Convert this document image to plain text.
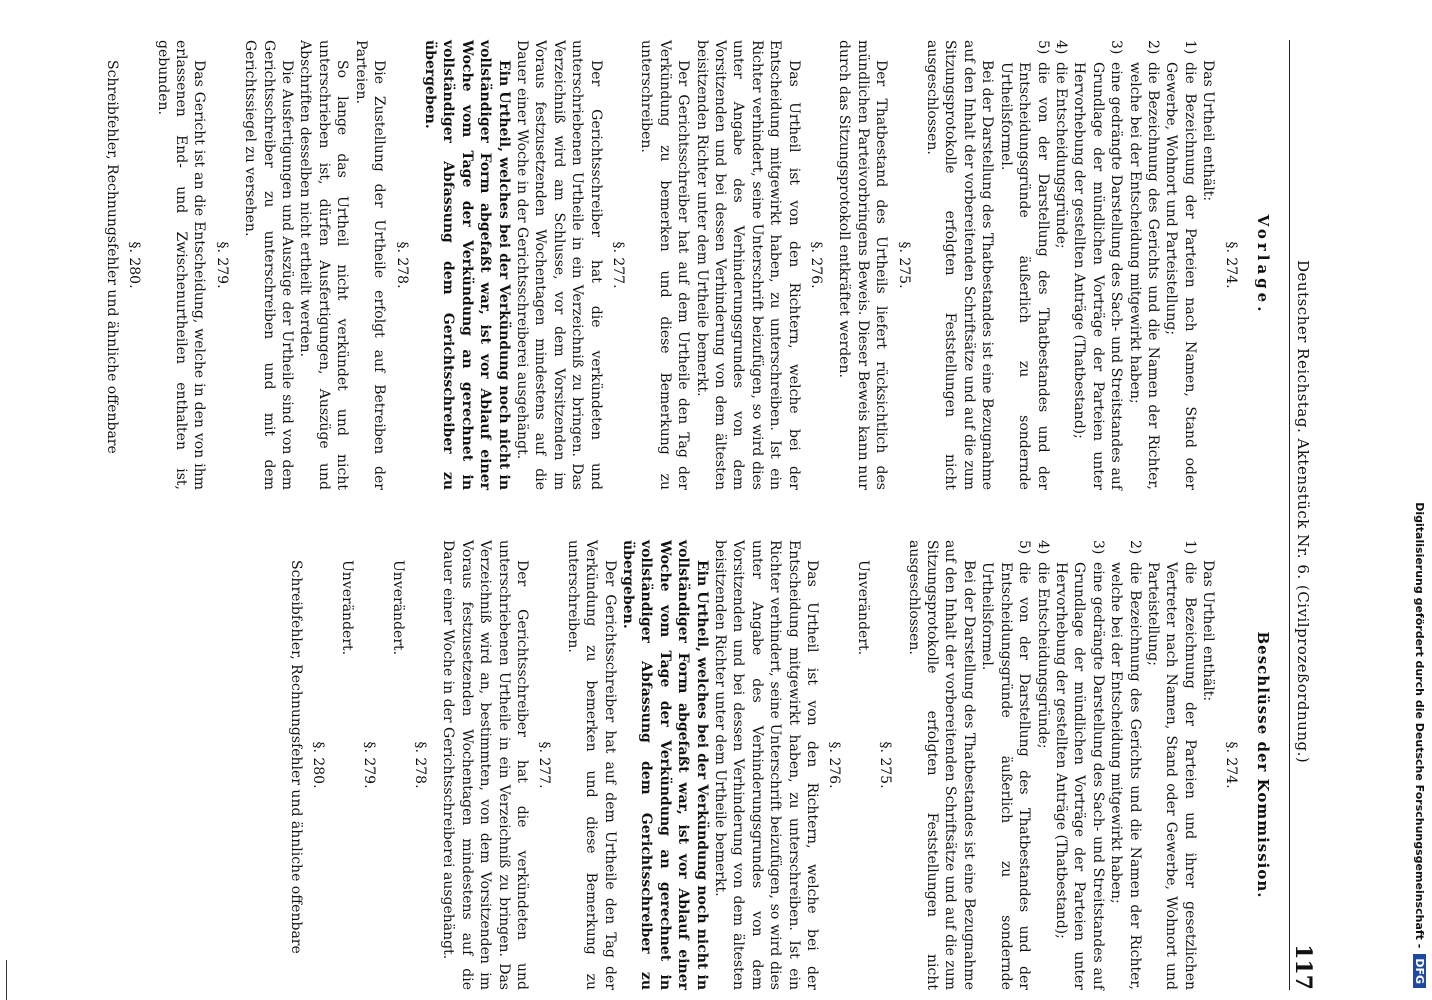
Digitalisierung gefördert durch die Deutsche Forschungsgemeinschaft -DFG
Deutscher Reichstag. Aktenstück Nr. 6. (Civilprozeßordnung.)
117
Vorlage.
§. 274.

Das Urtheil enthält:

1)
die Bezeichnung der Parteien nach Namen, Stand oder Gewerbe, Wohnort und Parteistellung;
2)
die Bezeichnung des Gerichts und die Namen der Richter, welche bei der Entscheidung mitgewirkt haben;
3)
eine gedrängte Darstellung des Sach- und Streitstandes auf Grundlage der mündlichen Vorträge der Parteien unter Hervorhebung der gestellten Anträge (Thatbestand);
4)
die Entscheidungsgründe;
5)
die von der Darstellung des Thatbestandes und der Entscheidungsgründe äußerlich zu sondernde Urtheilsformel.

Bei der Darstellung des Thatbestandes ist eine Bezugnahme auf den Inhalt der vorbereitenden Schriftsätze und auf die zum Sitzungsprotokolle erfolgten Feststellungen nicht ausgeschlossen.

§. 275.

Der Thatbestand des Urtheils liefert rücksichtlich des mündlichen Parteivorbringens Beweis. Dieser Beweis kann nur durch das Sitzungsprotokoll entkräftet werden.

§. 276.

Das Urtheil ist von den Richtern, welche bei der Entscheidung mitgewirkt haben, zu unterschreiben. Ist ein Richter verhindert, seine Unterschrift beizufügen, so wird dies unter Angabe des Verhinderungsgrundes von dem Vorsitzenden und bei dessen Verhinderung von dem ältesten beisitzenden Richter unter dem Urtheile bemerkt.

Der Gerichtsschreiber hat auf dem Urtheile den Tag der Verkündung zu bemerken und diese Bemerkung zu unterschreiben.

§. 277.

Der Gerichtsschreiber hat die verkündeten und unterschriebenen Urtheile in ein Verzeichniß zu bringen. Das Verzeichniß wird am Schlusse, vor dem Vorsitzenden im Voraus festzusetzenden Wochentagen mindestens auf die Dauer einer Woche in der Gerichtsschreiberei ausgehängt.

Ein Urtheil, welches bei der Verkündung noch nicht in vollständiger Form abgefaßt war, ist vor Ablauf einer Woche vom Tage der Verkündung an gerechnet in vollständiger Abfassung dem Gerichtsschreiber zu übergeben.

§. 278.

Die Zustellung der Urtheile erfolgt auf Betreiben der Parteien.

So lange das Urtheil nicht verkündet und nicht unterschrieben ist, dürfen Ausfertigungen, Auszüge und Abschriften desselben nicht ertheilt werden.

Die Ausfertigungen und Auszüge der Urtheile sind von dem Gerichtsschreiber zu unterschreiben und mit dem Gerichtssiegel zu versehen.

§. 279.

Das Gericht ist an die Entscheidung, welche in den von ihm erlassenen End- und Zwischenurtheilen enthalten ist, gebunden.

§. 280.

Schreibfehler, Rechnungsfehler und ähnliche offenbare

Beschlüsse der Kommission.
§. 274.

Das Urtheil enthält:

1)
die Bezeichnung der Parteien und ihrer gesetzlichen Vertreter nach Namen, Stand oder Gewerbe, Wohnort und Parteistellung;
2)
die Bezeichnung des Gerichts und die Namen der Richter, welche bei der Entscheidung mitgewirkt haben;
3)
eine gedrängte Darstellung des Sach- und Streitstandes auf Grundlage der mündlichen Vorträge der Parteien unter Hervorhebung der gestellten Anträge (Thatbestand);
4)
die Entscheidungsgründe;
5)
die von der Darstellung des Thatbestandes und der Entscheidungsgründe äußerlich zu sondernde Urtheilsformel.

Bei der Darstellung des Thatbestandes ist eine Bezugnahme auf den Inhalt der vorbereitenden Schriftsätze und auf die zum Sitzungsprotokolle erfolgten Feststellungen nicht ausgeschlossen.

§. 275.

Unverändert.

§. 276.

Das Urtheil ist von den Richtern, welche bei der Entscheidung mitgewirkt haben, zu unterschreiben. Ist ein Richter verhindert, seine Unterschrift beizufügen, so wird dies unter Angabe des Verhinderungsgrundes von dem Vorsitzenden und bei dessen Verhinderung von dem ältesten beisitzenden Richter unter dem Urtheile bemerkt.

Ein Urtheil, welches bei der Verkündung noch nicht in vollständiger Form abgefaßt war, ist vor Ablauf einer Woche vom Tage der Verkündung an gerechnet in vollständiger Abfassung dem Gerichtsschreiber zu übergeben.

Der Gerichtsschreiber hat auf dem Urtheile den Tag der Verkündung zu bemerken und diese Bemerkung zu unterschreiben.

§. 277.

Der Gerichtsschreiber hat die verkündeten und unterschriebenen Urtheile in ein Verzeichniß zu bringen. Das Verzeichniß wird an, bestimmten, von dem Vorsitzenden im Voraus festzusetzenden Wochentagen mindestens auf die Dauer einer Woche in der Gerichtsschreiberei ausgehängt.

§. 278.

Unverändert.

§. 279.

Unverändert.

§. 280.

Schreibfehler, Rechnungsfehler und ähnliche offenbare
